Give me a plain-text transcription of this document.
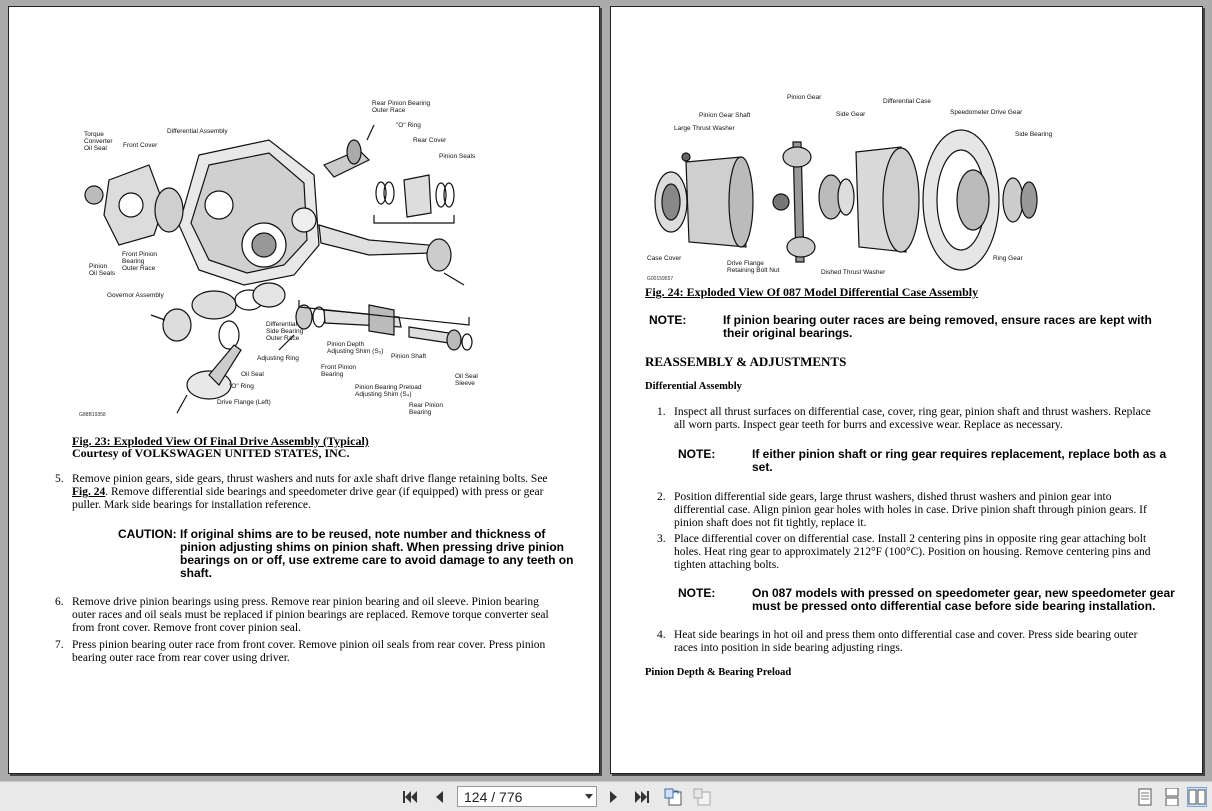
Torque Converter Oil Seal	Front Cover
Differential Assembly
Rear Pinion Bearing Outer Race
"O" Ring
Rear Cover
Pinion Seals
Front Pinion Bearing Outer Race
Pinion Oil Seals
Governor Assembly
Differential Side Bearing Outer Race
Adjusting Ring
Pinion Depth Adjusting Shim (S₃)
Pinion Shaft
Front Pinion Bearing
Oil Seal
"O" Ring
Drive Flange (Left)
Pinion Bearing Preload Adjusting Shim (S₄)
Rear Pinion Bearing
Oil Seal Sleeve
G88B19358
Fig. 23: Exploded View Of Final Drive Assembly (Typical)
Courtesy of VOLKSWAGEN UNITED STATES, INC.
5. Remove pinion gears, side gears, thrust washers and nuts for axle shaft drive flange retaining bolts. See
Fig. 24. Remove differential side bearings and speedometer drive gear (if equipped) with press or gear
puller. Mark side bearings for installation reference.
CAUTION: If original shims are to be reused, note number and thickness of
pinion adjusting shims on pinion shaft. When pressing drive pinion
bearings on or off, use extreme care to avoid damage to any teeth on
shaft.
6. Remove drive pinion bearings using press. Remove rear pinion bearing and oil sleeve. Pinion bearing
outer races and oil seals must be replaced if pinion bearings are replaced. Remove torque converter seal
from front cover. Remove front cover pinion seal.
7. Press pinion bearing outer race from front cover. Remove pinion oil seals from rear cover. Press pinion
bearing outer race from rear cover using driver.
Pinion Gear
Differential Case
Pinion Gear Shaft	Side Gear	Speedometer Drive Gear
Large Thrust Washer
Side Bearing
Case Cover
Drive Flange Retaining Bolt Nut	Dished Thrust Washer
Ring Gear
G00159557
Fig. 24: Exploded View Of 087 Model Differential Case Assembly
NOTE:	If pinion bearing outer races are being removed, ensure races are kept with
their original bearings.
REASSEMBLY & ADJUSTMENTS
Differential Assembly
1. Inspect all thrust surfaces on differential case, cover, ring gear, pinion shaft and thrust washers. Replace
all worn parts. Inspect gear teeth for burrs and excessive wear. Replace as necessary.
NOTE:	If either pinion shaft or ring gear requires replacement, replace both as a
set.
2. Position differential side gears, large thrust washers, dished thrust washers and pinion gear into
differential case. Align pinion gear holes with holes in case. Drive pinion shaft through pinion gears. If
pinion shaft does not fit tightly, replace it.
3. Place differential cover on differential case. Install 2 centering pins in opposite ring gear attaching bolt
holes. Heat ring gear to approximately 212°F (100°C). Position on housing. Remove centering pins and
tighten attaching bolts.
NOTE:	On 087 models with pressed on speedometer gear, new speedometer gear
must be pressed onto differential case before side bearing installation.
4. Heat side bearings in hot oil and press them onto differential case and cover. Press side bearing outer
races into position in side bearing adjusting rings.
Pinion Depth & Bearing Preload
124 / 776
